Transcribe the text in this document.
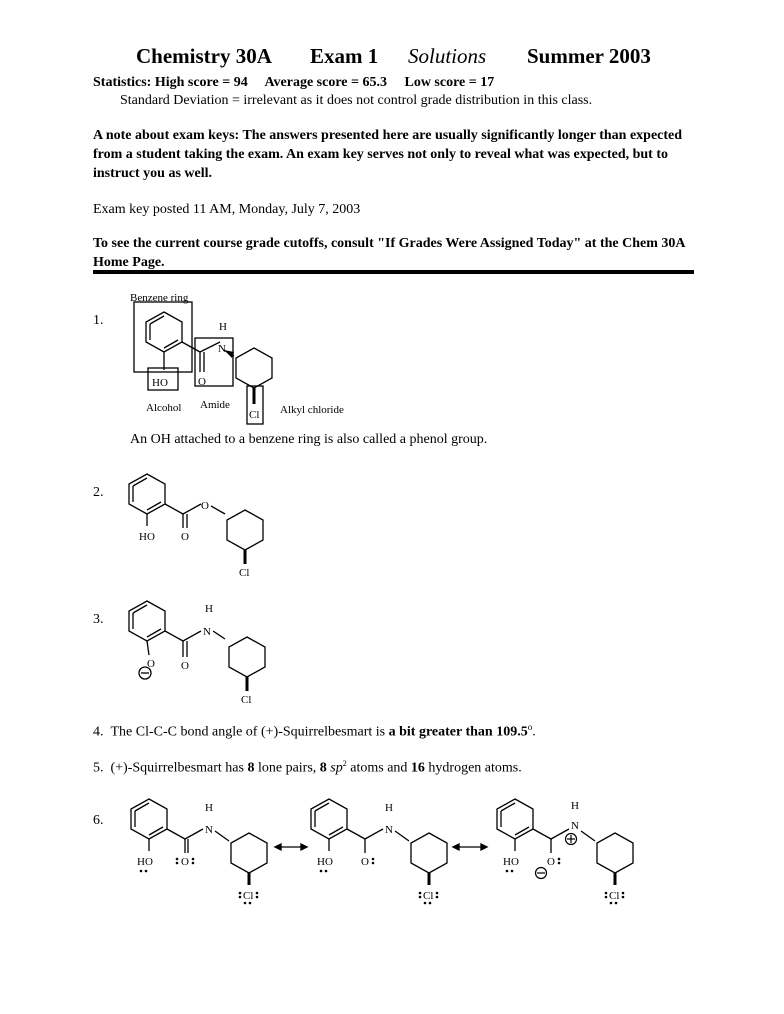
Chemistry 30A Exam 1 Solutions Summer 2003
Statistics: High score = 94 Average score = 65.3 Low score = 17
Standard Deviation = irrelevant as it does not control grade distribution in this class.
A note about exam keys: The answers presented here are usually significantly longer than expected from a student taking the exam. An exam key serves not only to reveal what was expected, but to instruct you as well.
Exam key posted 11 AM, Monday, July 7, 2003
To see the current course grade cutoffs, consult "If Grades Were Assigned Today" at the Chem 30A Home Page.
1.
Benzene ring
HO	O
N
H
Cl
Alcohol Amide	Alkyl chloride
An OH attached to a benzene ring is also called a phenol group.
2.
HO O
O
Cl
3.
O O
N
H
Cl
4. The Cl-C-C bond angle of (+)-Squirrelbesmart is a bit greater than 109.5$^o$.
5. (+)-Squirrelbesmart has 8 lone pairs, 8 $sp^2$ atoms and 16 hydrogen atoms.
6.
HO	O
N
H
Cl
HO	O
N
H
Cl
HO	O
N
H
Cl
